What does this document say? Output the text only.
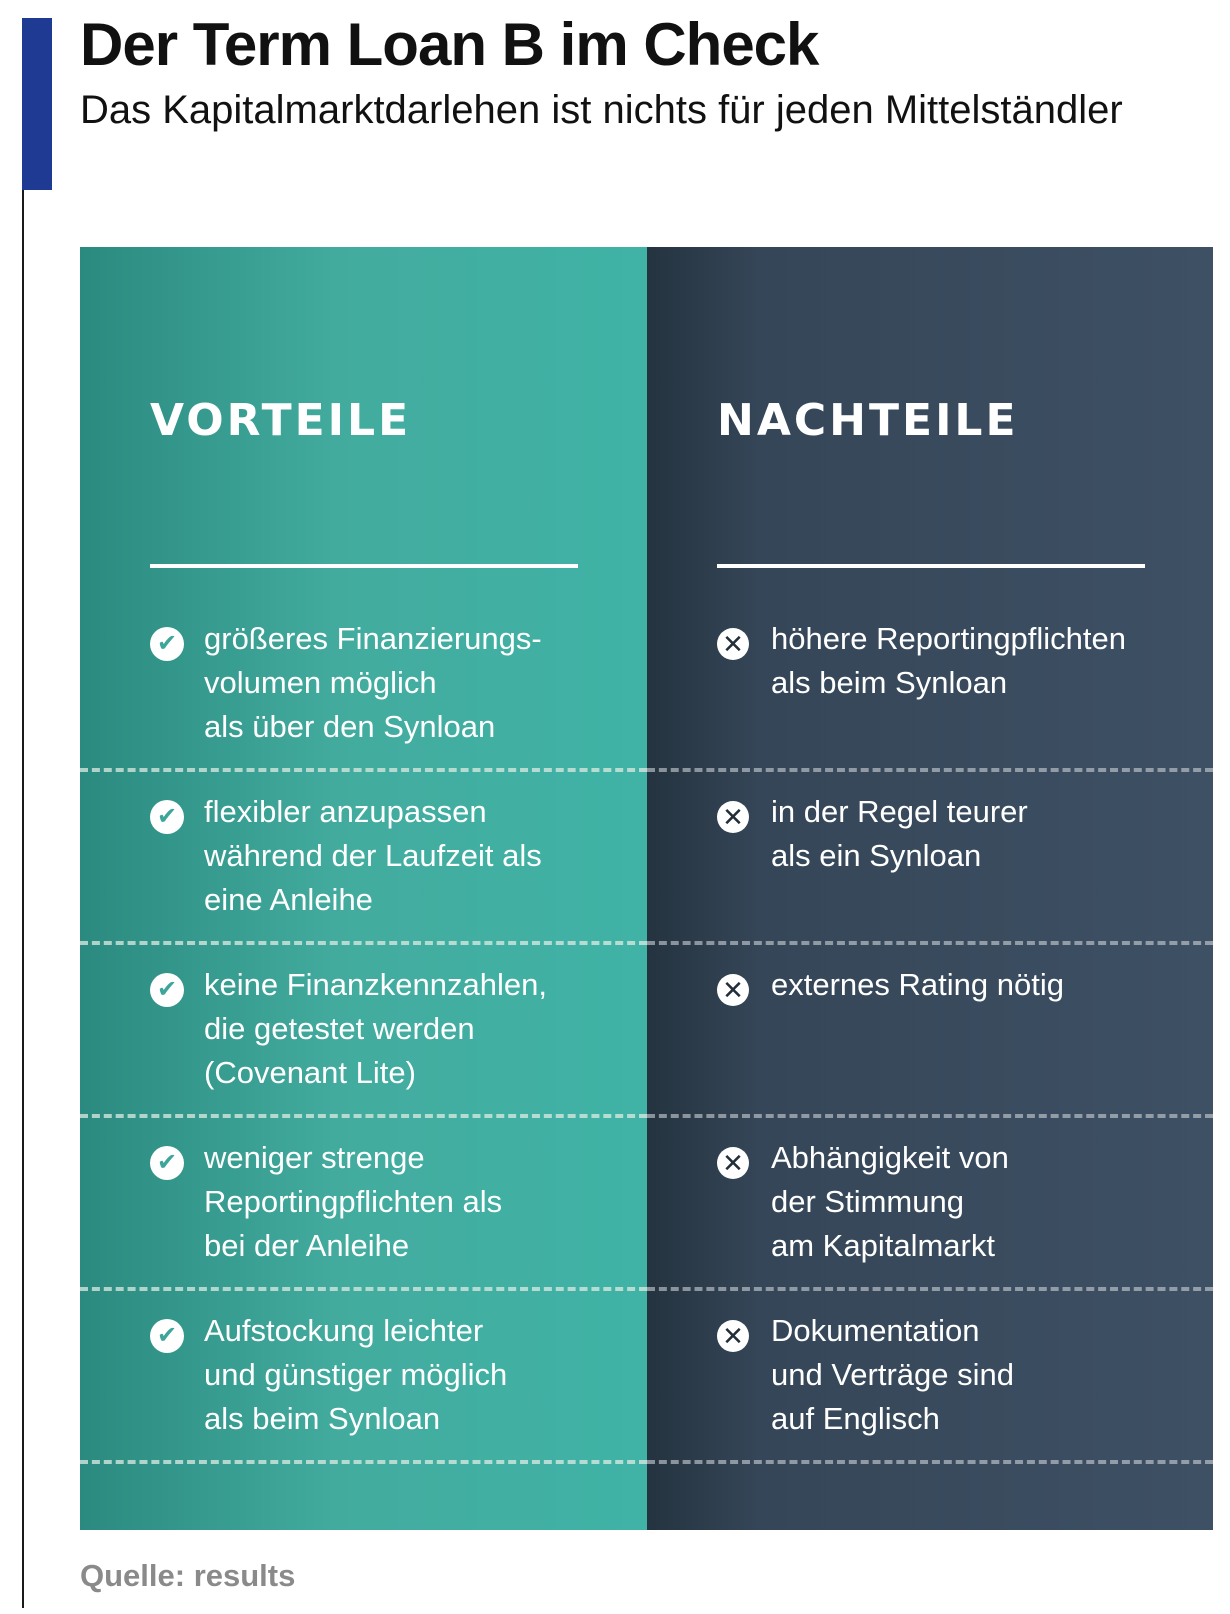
Der Term Loan B im Check
Das Kapitalmarktdarlehen ist nichts für jeden Mittelständler
VORTEILE
✔ größeres Finanzierungs-
volumen möglich
als über den Synloan
✔ flexibler anzupassen
während der Laufzeit als
eine Anleihe
✔ keine Finanzkennzahlen,
die getestet werden
(Covenant Lite)
✔ weniger strenge
Reportingpflichten als
bei der Anleihe
✔ Aufstockung leichter
und günstiger möglich
als beim Synloan
NACHTEILE
✕ höhere Reportingpflichten
als beim Synloan
✕ in der Regel teurer
als ein Synloan
✕ externes Rating nötig
✕ Abhängigkeit von
der Stimmung
am Kapitalmarkt
✕ Dokumentation
und Verträge sind
auf Englisch
Quelle: results
